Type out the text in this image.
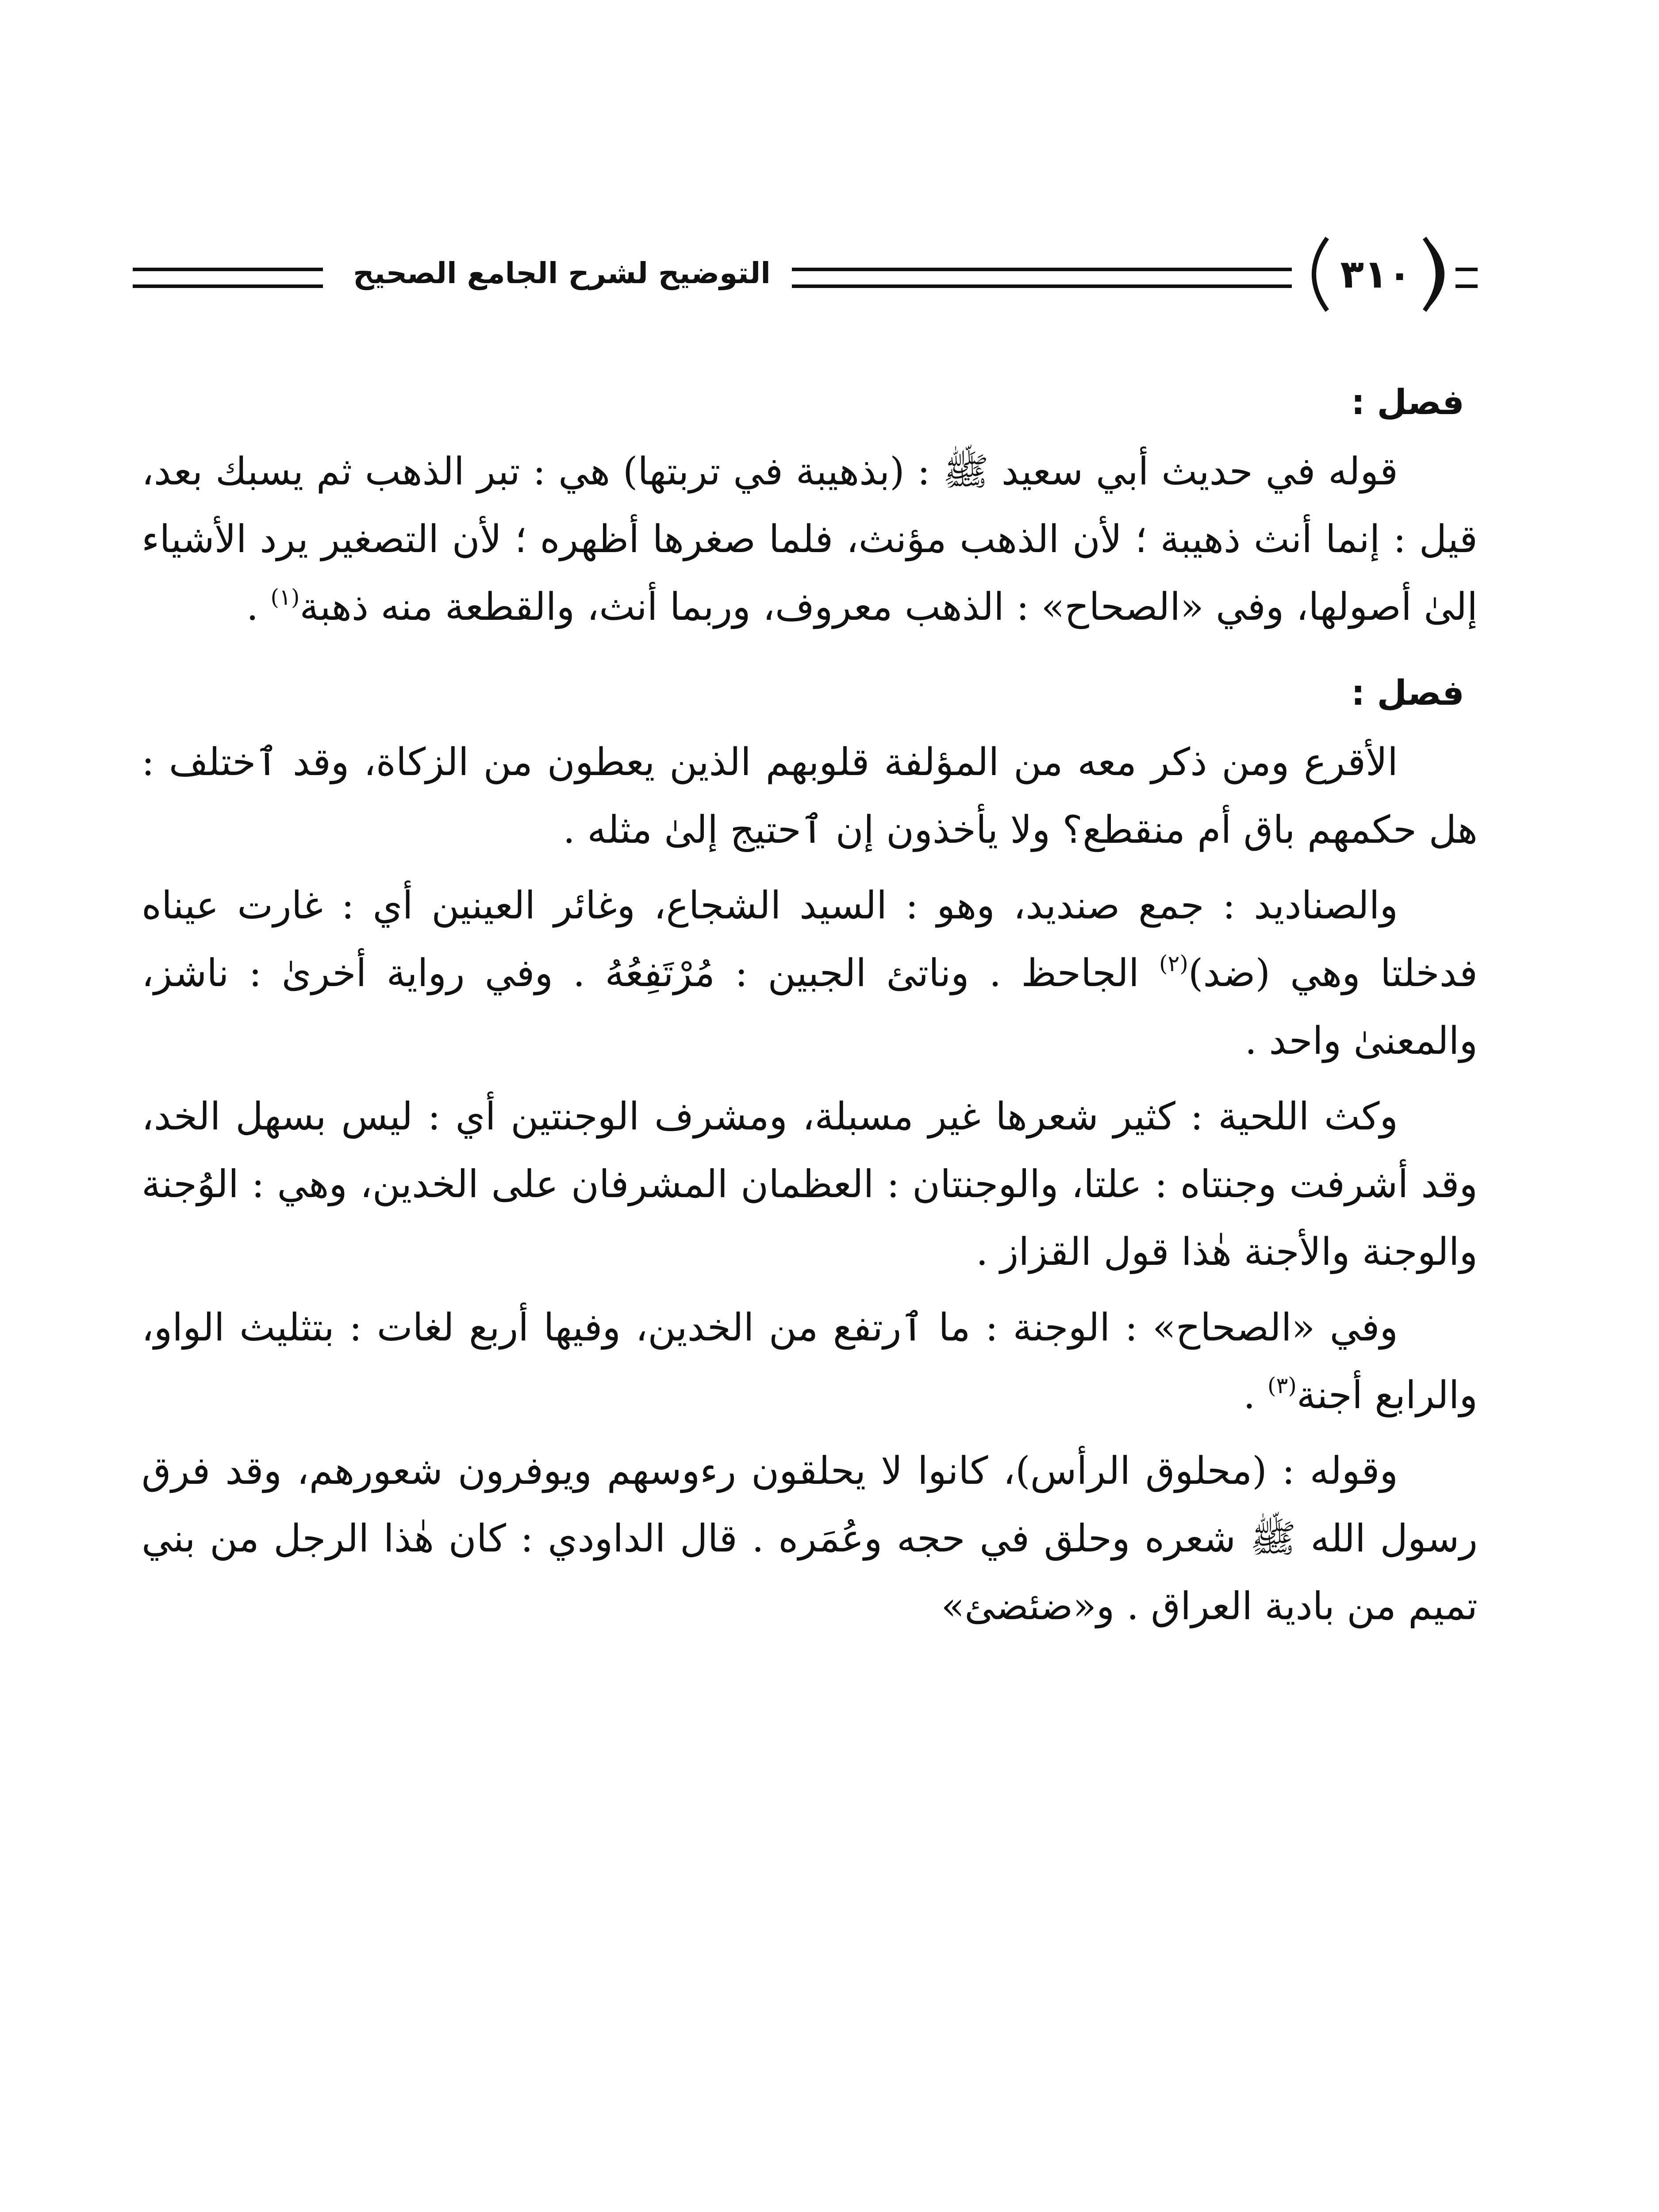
التوضيح لشرح الجامع الصحيح	٣١٠

فصل :

قوله في حديث أبي سعيد ﷺ : (بذهيبة في تربتها) هي : تبر الذهب ثم يسبك بعد، قيل : إنما أنث ذهيبة ؛ لأن الذهب مؤنث، فلما صغرها أظهره ؛ لأن التصغير يرد الأشياء إلىٰ أصولها، وفي «الصحاح» : الذهب معروف، وربما أنث، والقطعة منه ذهبة$^{(١)}$ .

فصل :

الأقرع ومن ذكر معه من المؤلفة قلوبهم الذين يعطون من الزكاة، وقد ٱختلف : هل حكمهم باق أم منقطع؟ ولا يأخذون إن ٱحتيج إلىٰ مثله .

والصناديد : جمع صنديد، وهو : السيد الشجاع، وغائر العينين أي : غارت عيناه فدخلتا وهي (ضد)$^{(٢)}$ الجاحظ . وناتئ الجبين : مُرْتَفِعُهُ . وفي رواية أخرىٰ : ناشز، والمعنىٰ واحد .

وكث اللحية : كثير شعرها غير مسبلة، ومشرف الوجنتين أي : ليس بسهل الخد، وقد أشرفت وجنتاه : علتا، والوجنتان : العظمان المشرفان على الخدين، وهي : الوُجنة والوجنة والأجنة هٰذا قول القزاز .

وفي «الصحاح» : الوجنة : ما ٱرتفع من الخدين، وفيها أربع لغات : بتثليث الواو، والرابع أجنة$^{(٣)}$ .

وقوله : (محلوق الرأس)، كانوا لا يحلقون رءوسهم ويوفرون شعورهم، وقد فرق رسول الله ﷺ شعره وحلق في حجه وعُمَره . قال الداودي : كان هٰذا الرجل من بني تميم من بادية العراق . و«ضئضئ»
